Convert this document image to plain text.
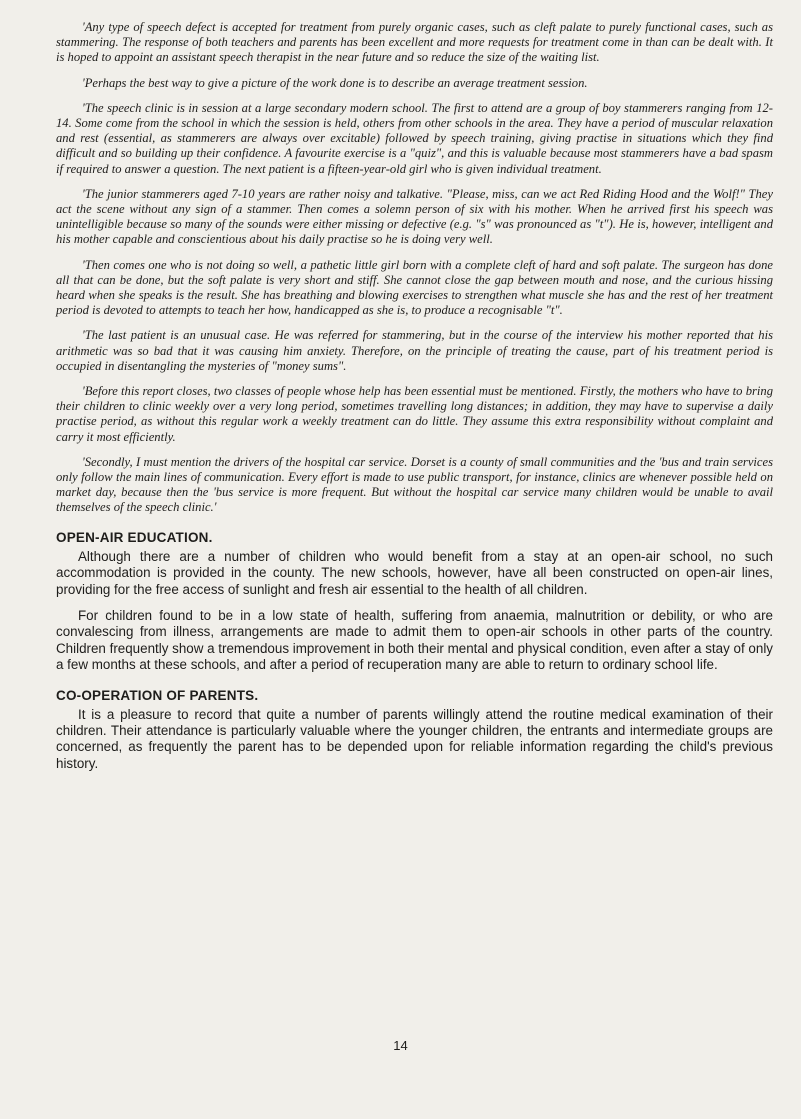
'Any type of speech defect is accepted for treatment from purely organic cases, such as cleft palate to purely functional cases, such as stammering. The response of both teachers and parents has been excellent and more requests for treatment come in than can be dealt with. It is hoped to appoint an assistant speech therapist in the near future and so reduce the size of the waiting list.

'Perhaps the best way to give a picture of the work done is to describe an average treatment session.

'The speech clinic is in session at a large secondary modern school. The first to attend are a group of boy stammerers ranging from 12-14. Some come from the school in which the session is held, others from other schools in the area. They have a period of muscular relaxation and rest (essential, as stammerers are always over excitable) followed by speech training, giving practise in situations which they find difficult and so building up their confidence. A favourite exercise is a "quiz", and this is valuable because most stammerers have a bad spasm if required to answer a question. The next patient is a fifteen-year-old girl who is given individual treatment.

'The junior stammerers aged 7-10 years are rather noisy and talkative. "Please, miss, can we act Red Riding Hood and the Wolf!" They act the scene without any sign of a stammer. Then comes a solemn person of six with his mother. When he arrived first his speech was unintelligible because so many of the sounds were either missing or defective (e.g. "s" was pronounced as "t"). He is, however, intelligent and his mother capable and conscientious about his daily practise so he is doing very well.

'Then comes one who is not doing so well, a pathetic little girl born with a complete cleft of hard and soft palate. The surgeon has done all that can be done, but the soft palate is very short and stiff. She cannot close the gap between mouth and nose, and the curious hissing heard when she speaks is the result. She has breathing and blowing exercises to strengthen what muscle she has and the rest of her treatment period is devoted to attempts to teach her how, handicapped as she is, to produce a recognisable "t".

'The last patient is an unusual case. He was referred for stammering, but in the course of the interview his mother reported that his arithmetic was so bad that it was causing him anxiety. Therefore, on the principle of treating the cause, part of his treatment period is occupied in disentangling the mysteries of "money sums".

'Before this report closes, two classes of people whose help has been essential must be mentioned. Firstly, the mothers who have to bring their children to clinic weekly over a very long period, sometimes travelling long distances; in addition, they may have to supervise a daily practise period, as without this regular work a weekly treatment can do little. They assume this extra responsibility without complaint and carry it most efficiently.

'Secondly, I must mention the drivers of the hospital car service. Dorset is a county of small communities and the 'bus and train services only follow the main lines of communication. Every effort is made to use public transport, for instance, clinics are whenever possible held on market day, because then the 'bus service is more frequent. But without the hospital car service many children would be unable to avail themselves of the speech clinic.'

OPEN-AIR EDUCATION.

Although there are a number of children who would benefit from a stay at an open-air school, no such accommodation is provided in the county. The new schools, however, have all been constructed on open-air lines, providing for the free access of sunlight and fresh air essential to the health of all children.

For children found to be in a low state of health, suffering from anaemia, malnutrition or debility, or who are convalescing from illness, arrangements are made to admit them to open-air schools in other parts of the country. Children frequently show a tremendous improvement in both their mental and physical condition, even after a stay of only a few months at these schools, and after a period of recuperation many are able to return to ordinary school life.

CO-OPERATION OF PARENTS.

It is a pleasure to record that quite a number of parents willingly attend the routine medical examination of their children. Their attendance is particularly valuable where the younger children, the entrants and intermediate groups are concerned, as frequently the parent has to be depended upon for reliable information regarding the child's previous history.

14
